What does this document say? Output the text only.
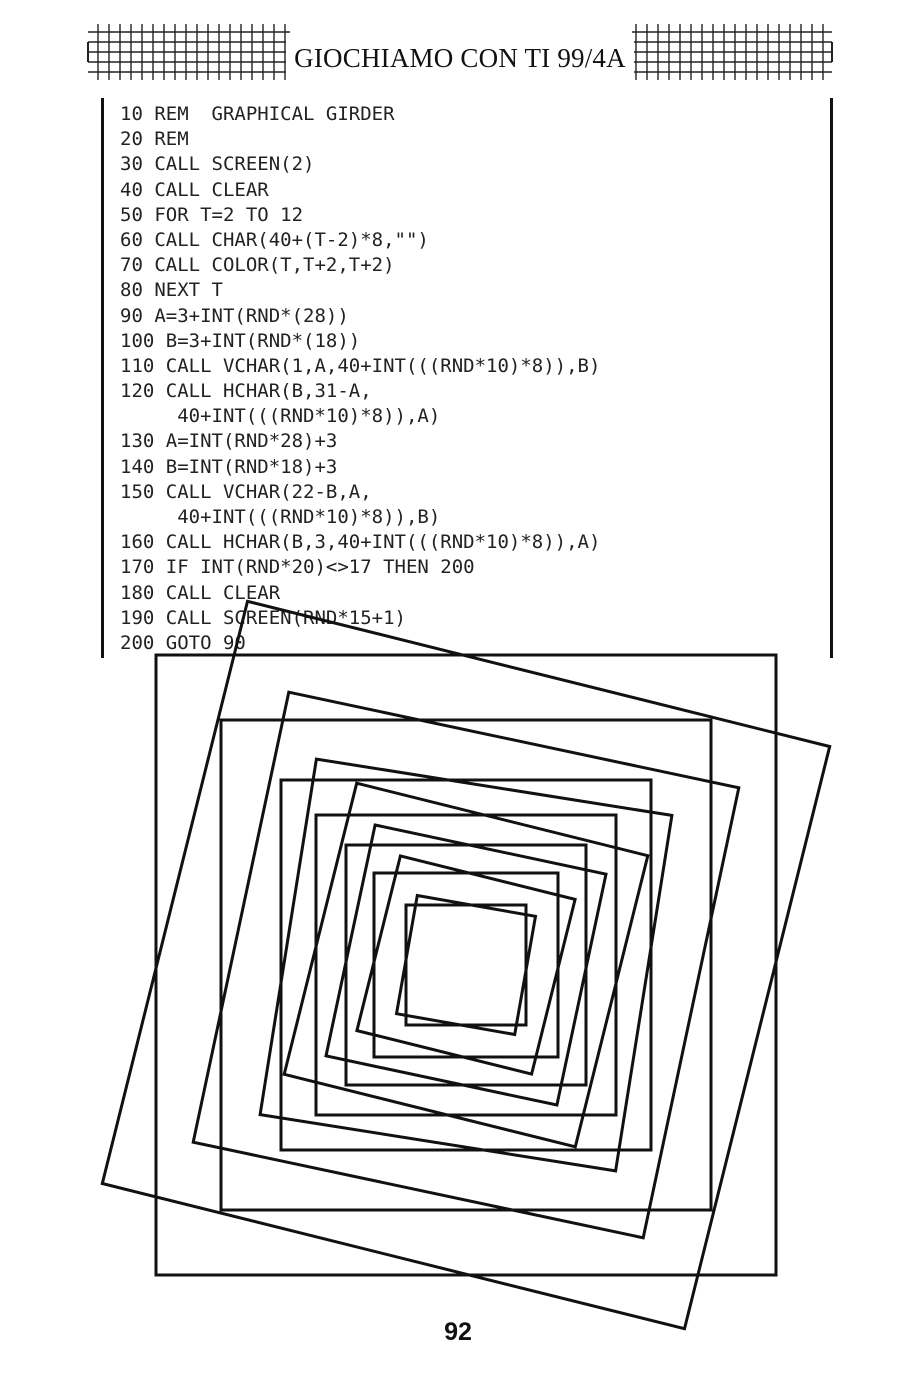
GIOCHIAMO CON TI 99/4A
10 REM  GRAPHICAL GIRDER
20 REM
30 CALL SCREEN(2)
40 CALL CLEAR
50 FOR T=2 TO 12
60 CALL CHAR(40+(T-2)*8,"")
70 CALL COLOR(T,T+2,T+2)
80 NEXT T
90 A=3+INT(RND*(28))
100 B=3+INT(RND*(18))
110 CALL VCHAR(1,A,40+INT(((RND*10)*8)),B)
120 CALL HCHAR(B,31-A,
40+INT(((RND*10)*8)),A)
130 A=INT(RND*28)+3
140 B=INT(RND*18)+3
150 CALL VCHAR(22-B,A,
40+INT(((RND*10)*8)),B)
160 CALL HCHAR(B,3,40+INT(((RND*10)*8)),A)
170 IF INT(RND*20)<>17 THEN 200
180 CALL CLEAR
190 CALL SCREEN(RND*15+1)
200 GOTO 90
92
